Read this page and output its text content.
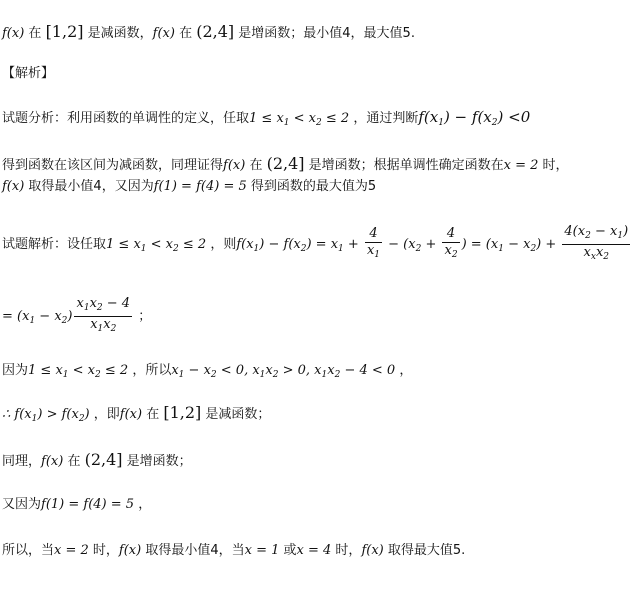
f(x) 在 [1,2] 是减函数，f(x) 在 (2,4] 是增函数；最小值4，最大值5.
【解析】
试题分析：利用函数的单调性的定义，任取$1 \le x_1 < x_2 \le 2$ ，通过判断$f(x_1) - f(x_2) <0$
得到函数在该区间为减函数，同理证得f(x) 在 (2,4] 是增函数；根据单调性确定函数在x = 2 时，
f(x) 取得最小值4，又因为f(1) = f(4) = 5 得到函数的最大值为5
试题解析：设任取$1 \le x_1 < x_2 \le 2$ ，则$f(x_1) - f(x_2) = x_1 + \frac{4}{x_1} - (x_2 + \frac{4}{x_2}$ ) = $(x_1 - x_2) + \frac{4(x_2 - x_1)}{x_xx_2}$
= $(x_1 - x_2) \frac{x_1x_2 - 4}{x_1x_2}$ ；
因为$1 \le x_1 < x_2 \le 2$ ，所以$x_1 - x_2 < 0$, $x_1x_2 > 0$, $x_1x_2 - 4 < 0$ ，
∴ $f(x_1) > f(x_2)$ ，即f(x) 在 [1,2] 是减函数；
同理，f(x) 在 (2,4] 是增函数；
又因为f(1) = f(4) = 5 ，
所以，当x = 2 时，f(x) 取得最小值4，当x = 1 或x = 4 时，f(x) 取得最大值5.
